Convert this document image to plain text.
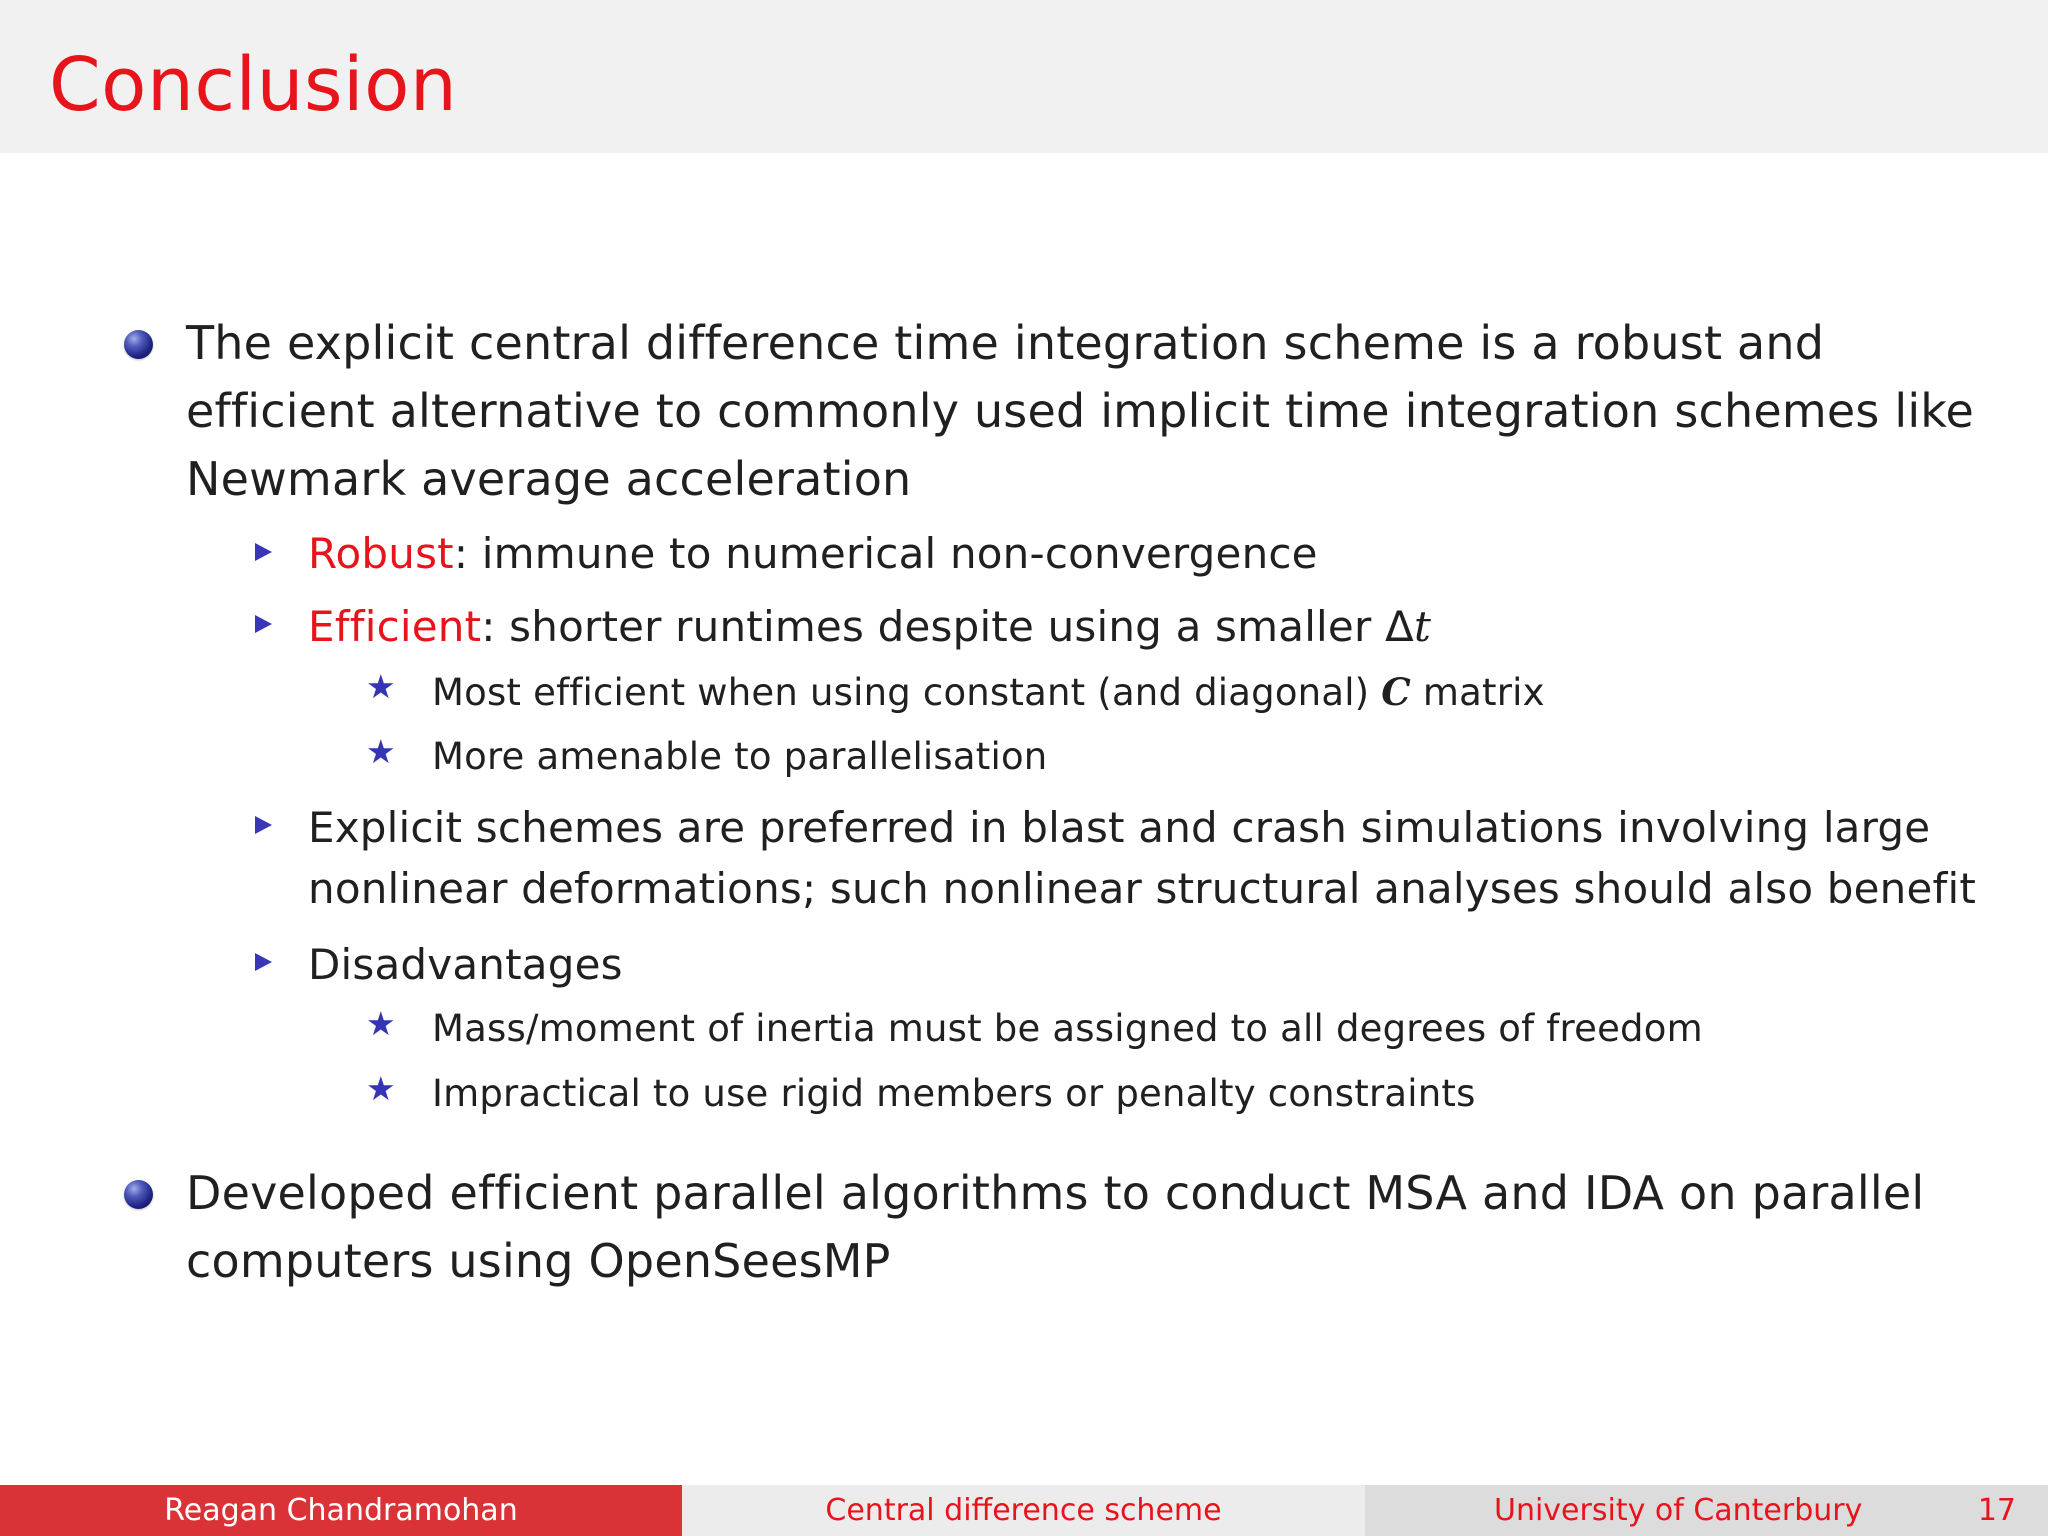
Conclusion
The explicit central difference time integration scheme is a robust and
efficient alternative to commonly used implicit time integration schemes like
Newmark average acceleration
Robust: immune to numerical non-convergence
Efficient: shorter runtimes despite using a smaller Δt
★ Most efficient when using constant (and diagonal) C matrix
★ More amenable to parallelisation
Explicit schemes are preferred in blast and crash simulations involving large
nonlinear deformations; such nonlinear structural analyses should also benefit
Disadvantages
★ Mass/moment of inertia must be assigned to all degrees of freedom
★ Impractical to use rigid members or penalty constraints
Developed efficient parallel algorithms to conduct MSA and IDA on parallel
computers using OpenSeesMP
Reagan Chandramohan	Central difference scheme	University of Canterbury	17
